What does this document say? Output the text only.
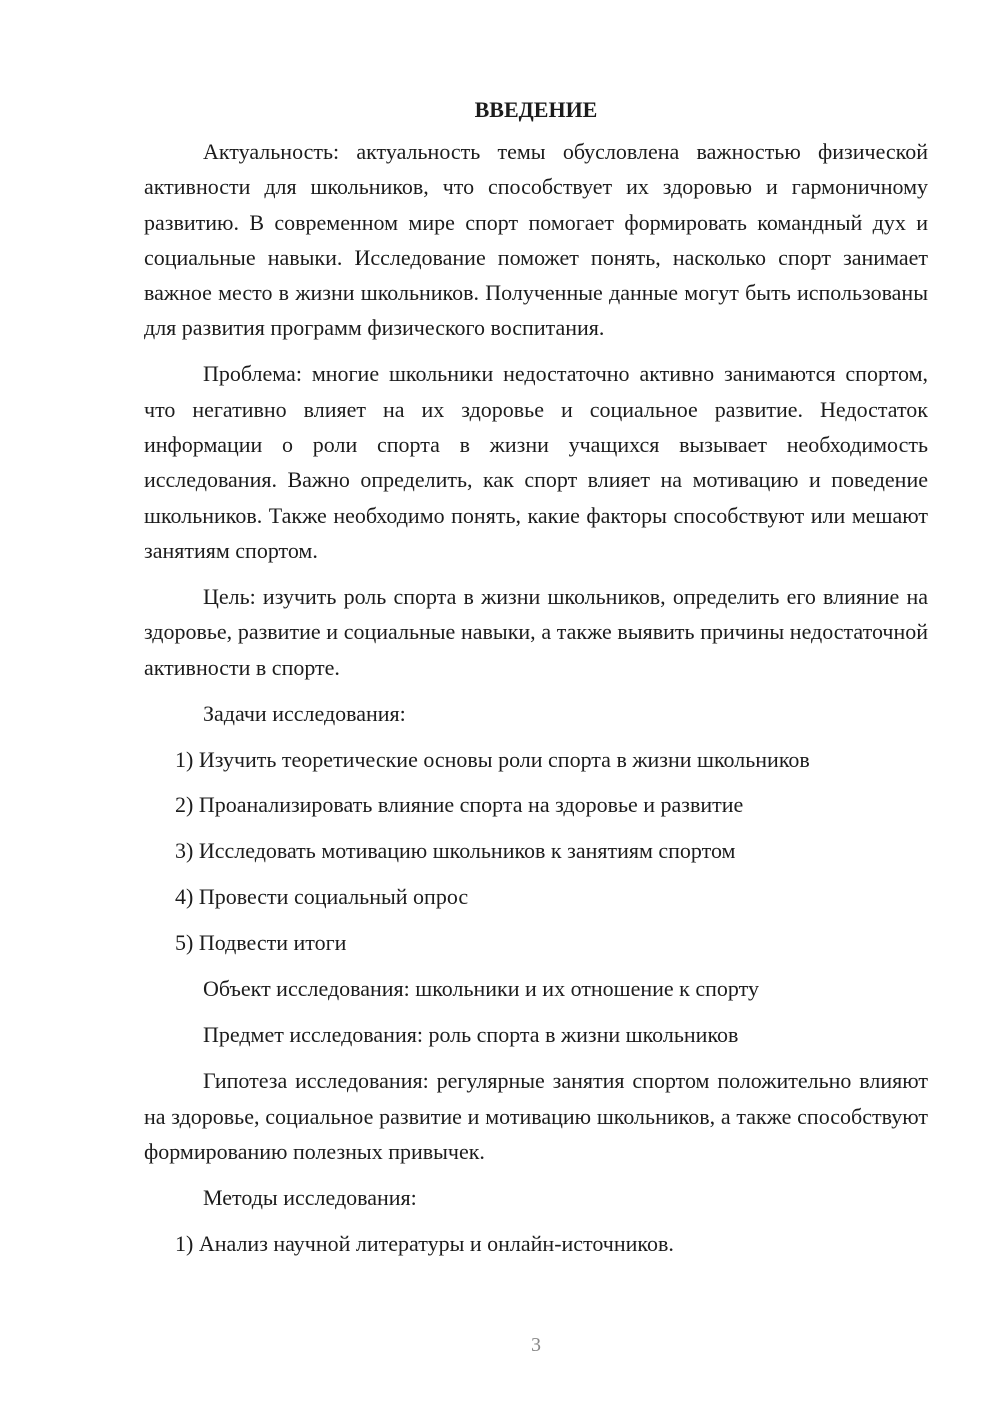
ВВЕДЕНИЕ

Актуальность: актуальность темы обусловлена важностью физической активности для школьников, что способствует их здоровью и гармоничному развитию. В современном мире спорт помогает формировать командный дух и социальные навыки. Исследование поможет понять, насколько спорт занимает важное место в жизни школьников. Полученные данные могут быть использованы для развития программ физического воспитания.

Проблема: многие школьники недостаточно активно занимаются спортом, что негативно влияет на их здоровье и социальное развитие. Недостаток информации о роли спорта в жизни учащихся вызывает необходимость исследования. Важно определить, как спорт влияет на мотивацию и поведение школьников. Также необходимо понять, какие факторы способствуют или мешают занятиям спортом.

Цель: изучить роль спорта в жизни школьников, определить его влияние на здоровье, развитие и социальные навыки, а также выявить причины недостаточной активности в спорте.

Задачи исследования:
1) Изучить теоретические основы роли спорта в жизни школьников
2) Проанализировать влияние спорта на здоровье и развитие
3) Исследовать мотивацию школьников к занятиям спортом
4) Провести социальный опрос
5) Подвести итоги
Объект исследования: школьники и их отношение к спорту
Предмет исследования: роль спорта в жизни школьников

Гипотеза исследования: регулярные занятия спортом положительно влияют на здоровье, социальное развитие и мотивацию школьников, а также способствуют формированию полезных привычек.

Методы исследования:
1) Анализ научной литературы и онлайн-источников.
3
